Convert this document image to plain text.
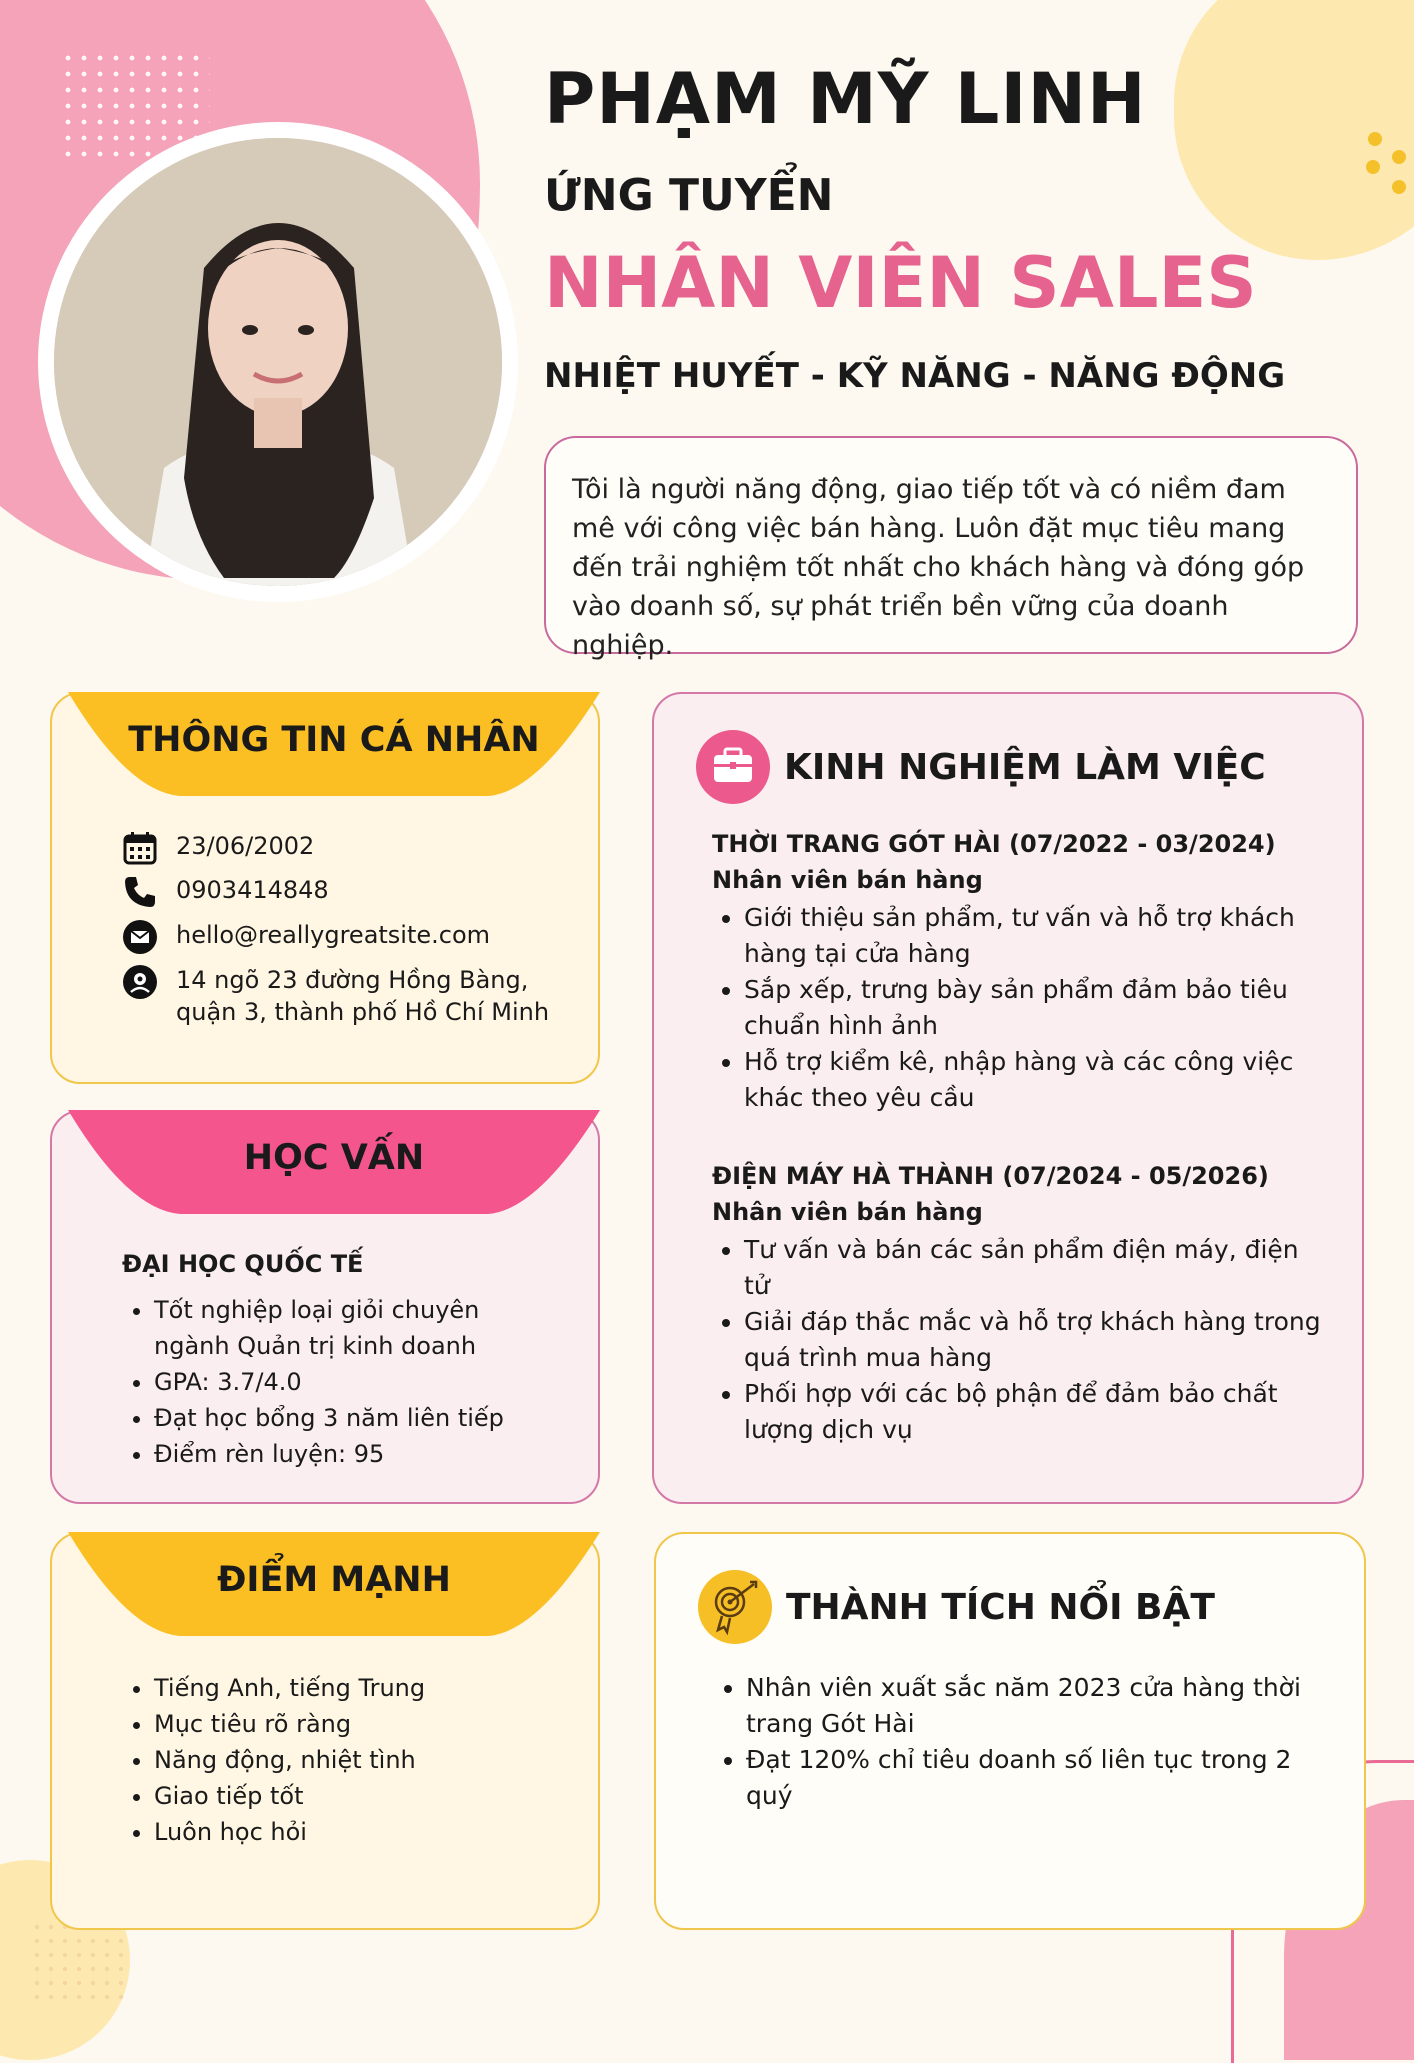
PHẠM MỸ LINH
ỨNG TUYỂN
NHÂN VIÊN SALES
NHIỆT HUYẾT - KỸ NĂNG - NĂNG ĐỘNG
Tôi là người năng động, giao tiếp tốt và có niềm đam mê với công việc bán hàng. Luôn đặt mục tiêu mang đến trải nghiệm tốt nhất cho khách hàng và đóng góp vào doanh số, sự phát triển bền vững của doanh nghiệp.
THÔNG TIN CÁ NHÂN
23/06/2002
0903414848
hello@reallygreatsite.com
14 ngõ 23 đường Hồng Bàng,
quận 3, thành phố Hồ Chí Minh
HỌC VẤN
ĐẠI HỌC QUỐC TẾ
• Tốt nghiệp loại giỏi chuyên ngành Quản trị kinh doanh
• GPA: 3.7/4.0
• Đạt học bổng 3 năm liên tiếp
• Điểm rèn luyện: 95
ĐIỂM MẠNH
• Tiếng Anh, tiếng Trung
• Mục tiêu rõ ràng
• Năng động, nhiệt tình
• Giao tiếp tốt
• Luôn học hỏi
KINH NGHIỆM LÀM VIỆC
THỜI TRANG GÓT HÀI (07/2022 - 03/2024)
Nhân viên bán hàng
• Giới thiệu sản phẩm, tư vấn và hỗ trợ khách hàng tại cửa hàng
• Sắp xếp, trưng bày sản phẩm đảm bảo tiêu chuẩn hình ảnh
• Hỗ trợ kiểm kê, nhập hàng và các công việc khác theo yêu cầu
ĐIỆN MÁY HÀ THÀNH (07/2024 - 05/2026)
Nhân viên bán hàng
• Tư vấn và bán các sản phẩm điện máy, điện tử
• Giải đáp thắc mắc và hỗ trợ khách hàng trong quá trình mua hàng
• Phối hợp với các bộ phận để đảm bảo chất lượng dịch vụ
THÀNH TÍCH NỔI BẬT
• Nhân viên xuất sắc năm 2023 cửa hàng thời trang Gót Hài
• Đạt 120% chỉ tiêu doanh số liên tục trong 2 quý
